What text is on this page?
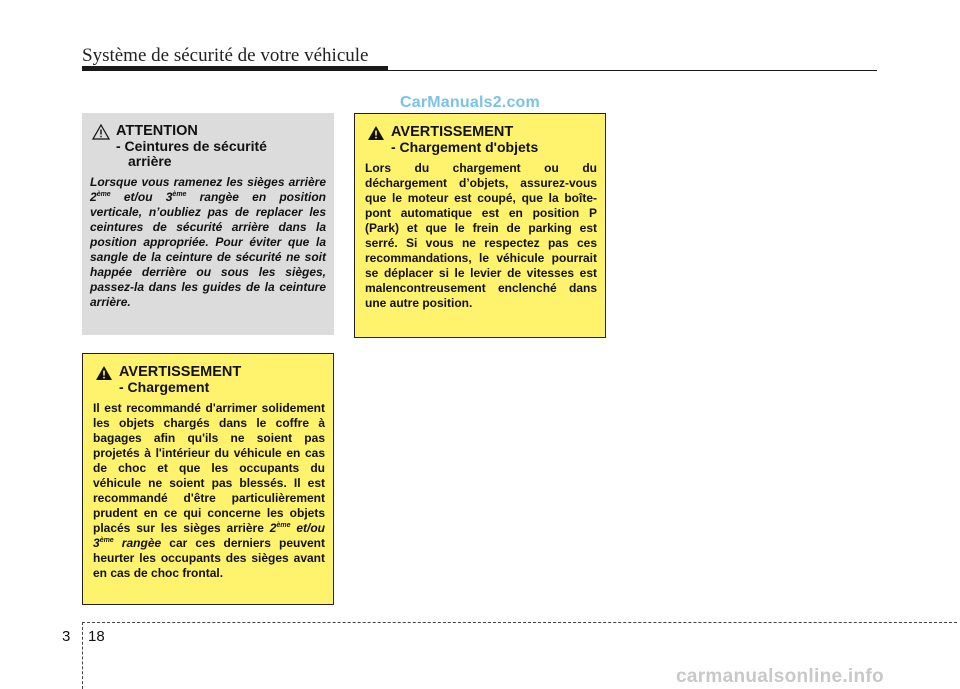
Système de sécurité de votre véhicule
CarManuals2.com
ATTENTION
- Ceintures de sécurité
arrière
Lorsque vous ramenez les sièges arrière 2ème et/ou 3ème rangèe en position verticale, n’oubliez pas de replacer les ceintures de sécurité arrière dans la position appropriée. Pour éviter que la sangle de la ceinture de sécurité ne soit happée derrière ou sous les sièges, passez-la dans les guides de la ceinture arrière.
AVERTISSEMENT
- Chargement d'objets
Lors du chargement ou du déchargement d’objets, assurez-vous que le moteur est coupé, que la boîte-pont automatique est en position P (Park) et que le frein de parking est serré. Si vous ne respectez pas ces recommandations, le véhicule pourrait se déplacer si le levier de vitesses est malencontreusement enclenché dans une autre position.
AVERTISSEMENT
- Chargement
Il est recommandé d'arrimer solidement les objets chargés dans le coffre à bagages afin qu'ils ne soient pas projetés à l'intérieur du véhicule en cas de choc et que les occupants du véhicule ne soient pas blessés. Il est recommandé d'être particulièrement prudent en ce qui concerne les objets placés sur les sièges arrière 2ème et/ou 3ème rangèe car ces derniers peuvent heurter les occupants des sièges avant en cas de choc frontal.
3 18
carmanualsonline.info
